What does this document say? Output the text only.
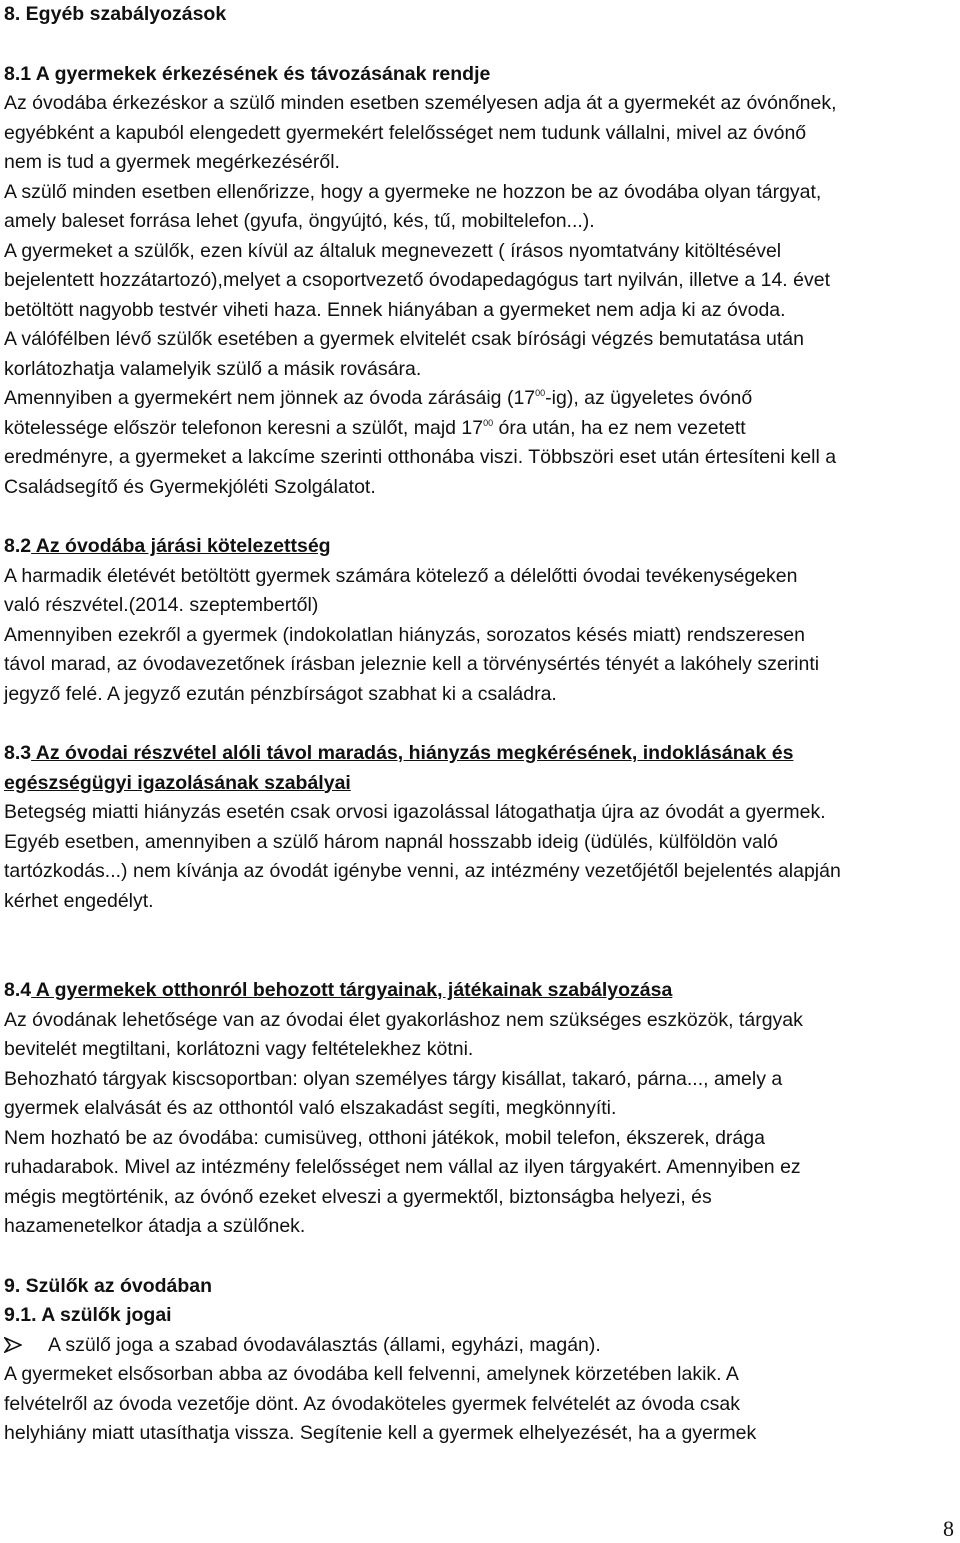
8. Egyéb szabályozások
8.1 A gyermekek érkezésének és távozásának rendje
Az óvodába érkezéskor a szülő minden esetben személyesen adja át a gyermekét az óvónőnek,
egyébként a kapuból elengedett gyermekért felelősséget nem tudunk vállalni, mivel az óvónő
nem is tud a gyermek megérkezéséről.
A szülő minden esetben ellenőrizze, hogy a gyermeke ne hozzon be az óvodába olyan tárgyat,
amely baleset forrása lehet (gyufa, öngyújtó, kés, tű, mobiltelefon...).
A gyermeket a szülők, ezen kívül az általuk megnevezett ( írásos nyomtatvány kitöltésével
bejelentett hozzátartozó),melyet a csoportvezető óvodapedagógus tart nyilván, illetve a 14. évet
betöltött nagyobb testvér viheti haza. Ennek hiányában a gyermeket nem adja ki az óvoda.
A válófélben lévő szülők esetében a gyermek elvitelét csak bírósági végzés bemutatása után
korlátozhatja valamelyik szülő a másik rovására.
Amennyiben a gyermekért nem jönnek az óvoda zárásáig $(17^{00}-ig)$, az ügyeletes óvónő
kötelessége először telefonon keresni a szülőt, majd $17^{00}$ óra után, ha ez nem vezetett
eredményre, a gyermeket a lakcíme szerinti otthonába viszi. Többszöri eset után értesíteni kell a
Családsegítő és Gyermekjóléti Szolgálatot.
8.2 Az óvodába járási kötelezettség
A harmadik életévét betöltött gyermek számára kötelező a délelőtti óvodai tevékenységeken
való részvétel.(2014. szeptembertől)
Amennyiben ezekről a gyermek (indokolatlan hiányzás, sorozatos késés miatt) rendszeresen
távol marad, az óvodavezetőnek írásban jeleznie kell a törvénysértés tényét a lakóhely szerinti
jegyző felé. A jegyző ezután pénzbírságot szabhat ki a családra.
8.3 Az óvodai részvétel alóli távol maradás, hiányzás megkérésének, indoklásának és
egészségügyi igazolásának szabályai
Betegség miatti hiányzás esetén csak orvosi igazolással látogathatja újra az óvodát a gyermek.
Egyéb esetben, amennyiben a szülő három napnál hosszabb ideig (üdülés, külföldön való
tartózkodás...) nem kívánja az óvodát igénybe venni, az intézmény vezetőjétől bejelentés alapján
kérhet engedélyt.
8.4 A gyermekek otthonról behozott tárgyainak, játékainak szabályozása
Az óvodának lehetősége van az óvodai élet gyakorláshoz nem szükséges eszközök, tárgyak
bevitelét megtiltani, korlátozni vagy feltételekhez kötni.
Behozható tárgyak kiscsoportban: olyan személyes tárgy kisállat, takaró, párna..., amely a
gyermek elalvását és az otthontól való elszakadást segíti, megkönnyíti.
Nem hozható be az óvodába: cumisüveg, otthoni játékok, mobil telefon, ékszerek, drága
ruhadarabok. Mivel az intézmény felelősséget nem vállal az ilyen tárgyakért. Amennyiben ez
mégis megtörténik, az óvónő ezeket elveszi a gyermektől, biztonságba helyezi, és
hazamenetelkor átadja a szülőnek.
9. Szülők az óvodában
9.1. A szülők jogai
A szülő joga a szabad óvodaválasztás (állami, egyházi, magán).
A gyermeket elsősorban abba az óvodába kell felvenni, amelynek körzetében lakik. A
felvételről az óvoda vezetője dönt. Az óvodaköteles gyermek felvételét az óvoda csak
helyhiány miatt utasíthatja vissza. Segítenie kell a gyermek elhelyezését, ha a gyermek
8
